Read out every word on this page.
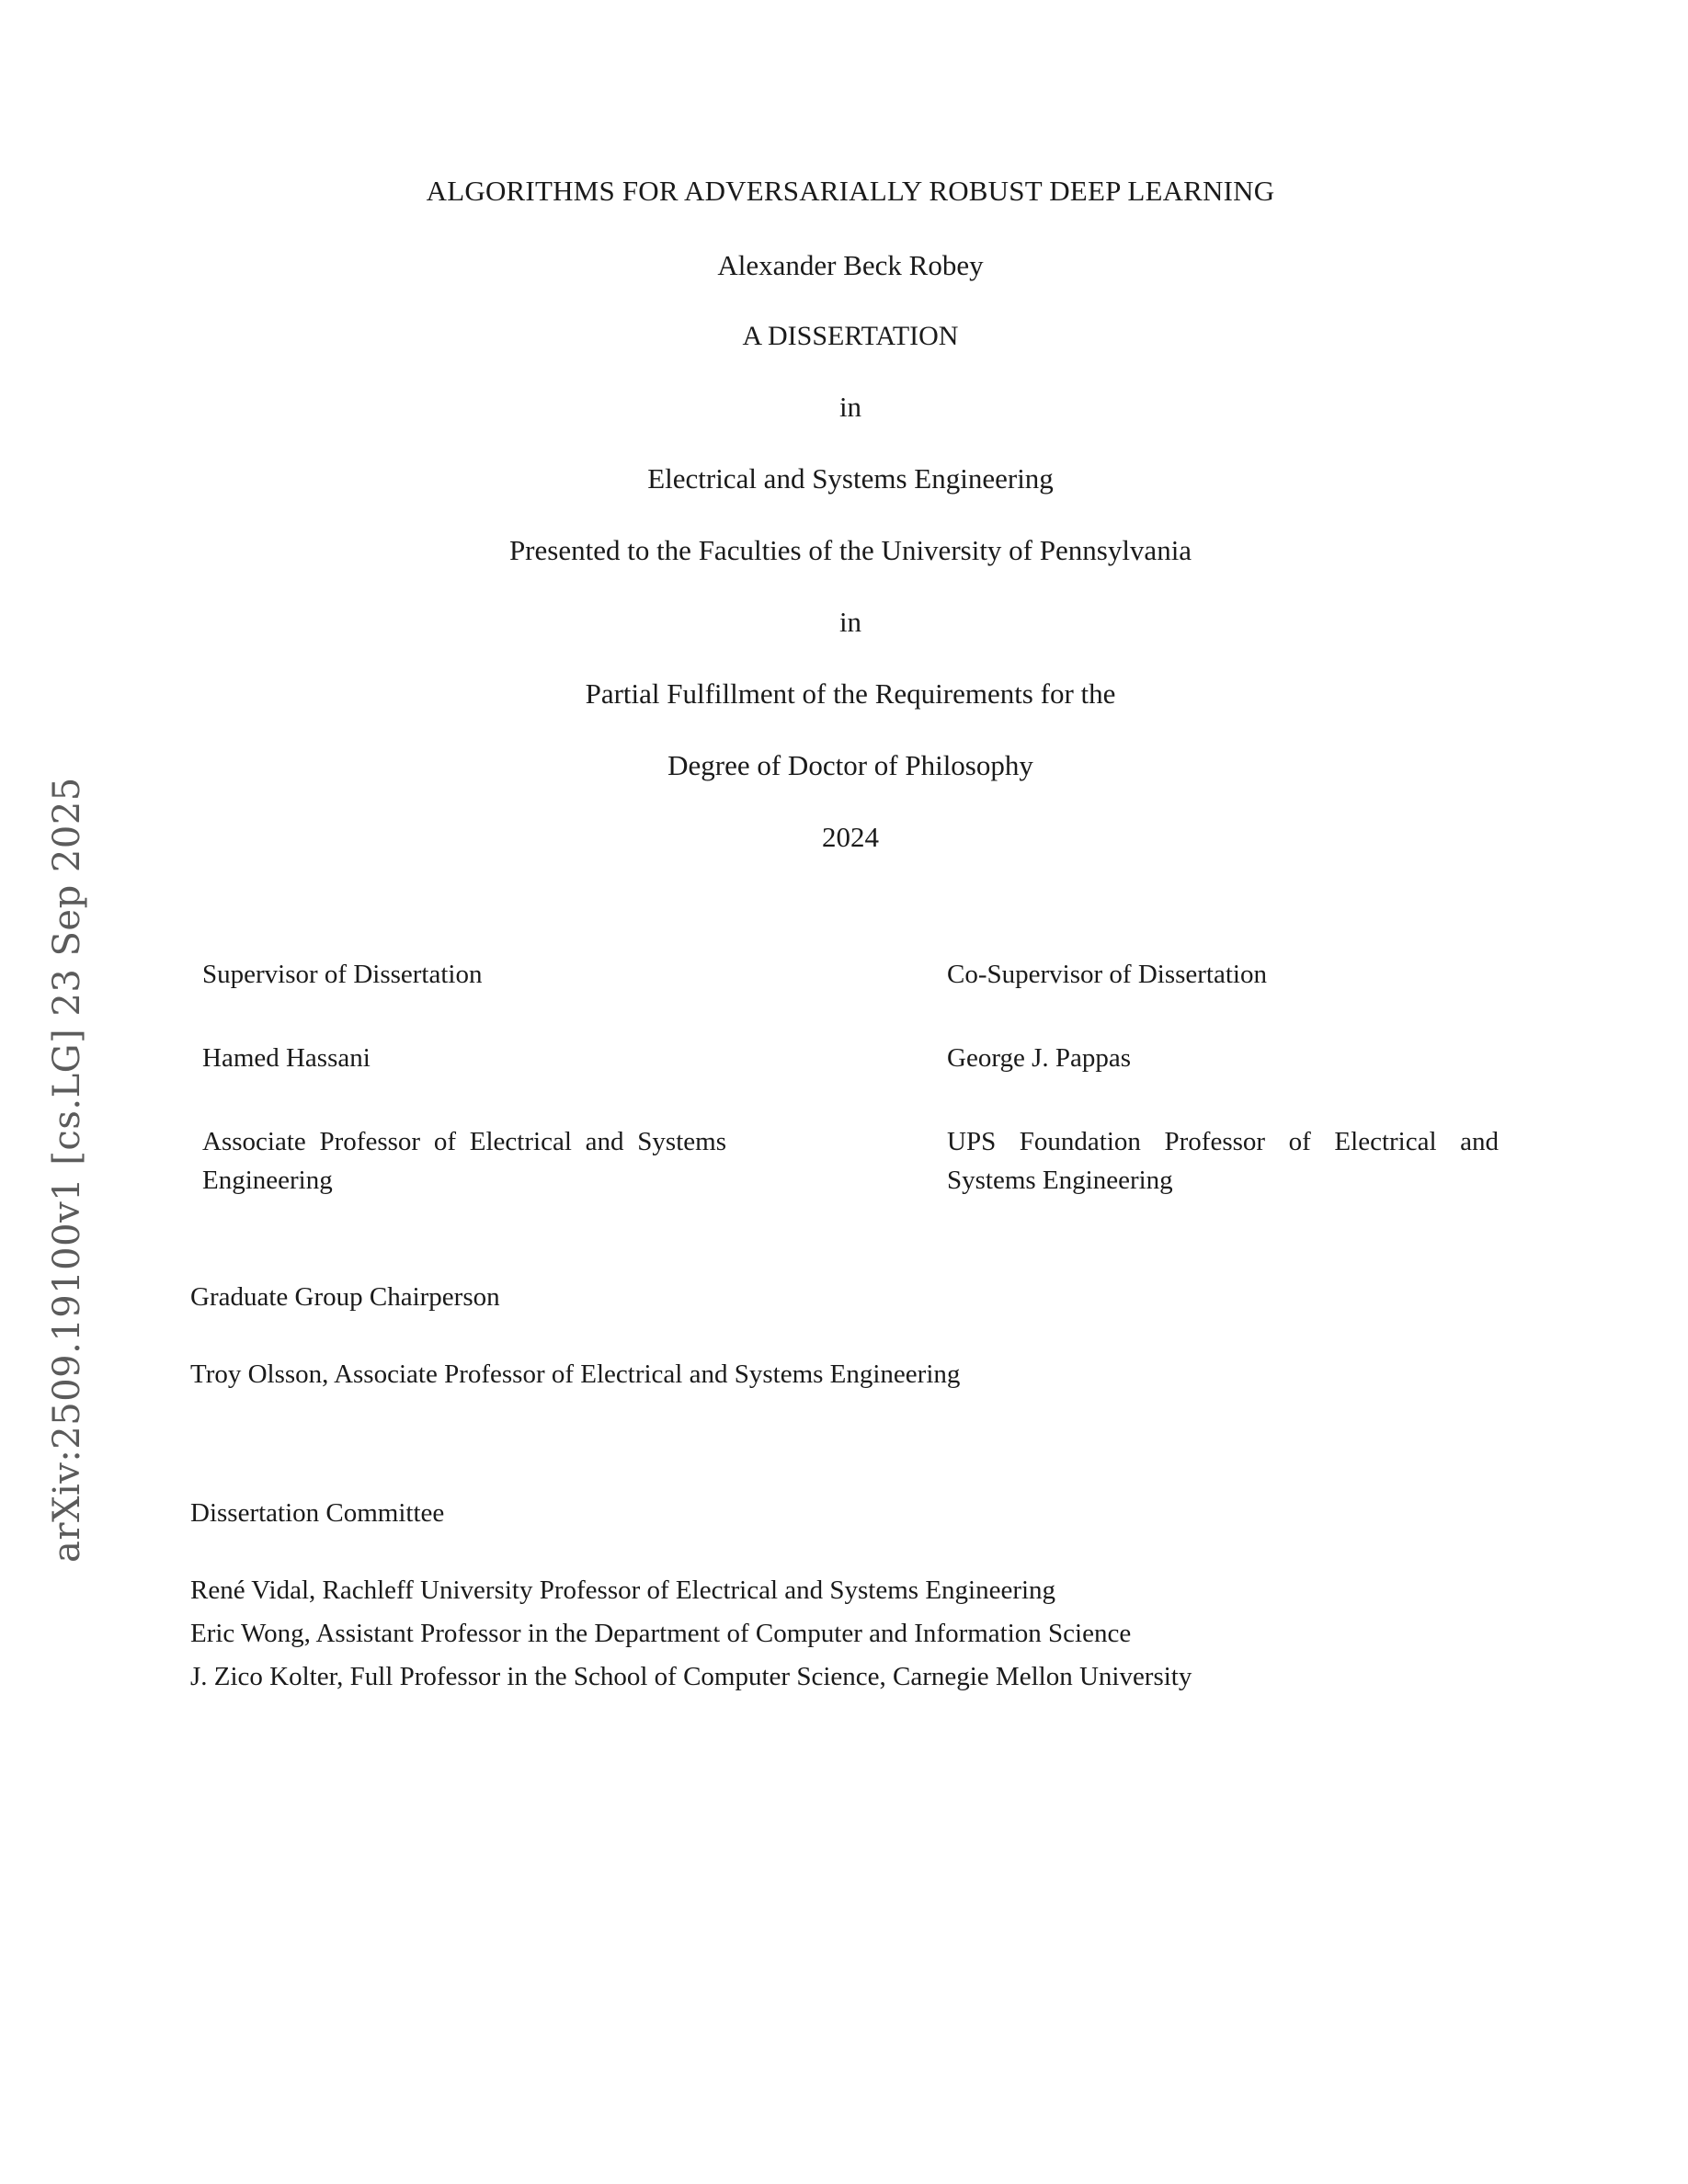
arXiv:2509.19100v1 [cs.LG] 23 Sep 2025
ALGORITHMS FOR ADVERSARIALLY ROBUST DEEP LEARNING
Alexander Beck Robey
A DISSERTATION
in
Electrical and Systems Engineering
Presented to the Faculties of the University of Pennsylvania
in
Partial Fulfillment of the Requirements for the
Degree of Doctor of Philosophy
2024
Supervisor of Dissertation
Hamed Hassani
Associate Professor of Electrical and Systems Engineering
Co-Supervisor of Dissertation
George J. Pappas
UPS Foundation Professor of Electrical and Systems Engineering
Graduate Group Chairperson
Troy Olsson, Associate Professor of Electrical and Systems Engineering
Dissertation Committee
René Vidal, Rachleff University Professor of Electrical and Systems Engineering
Eric Wong, Assistant Professor in the Department of Computer and Information Science
J. Zico Kolter, Full Professor in the School of Computer Science, Carnegie Mellon University
